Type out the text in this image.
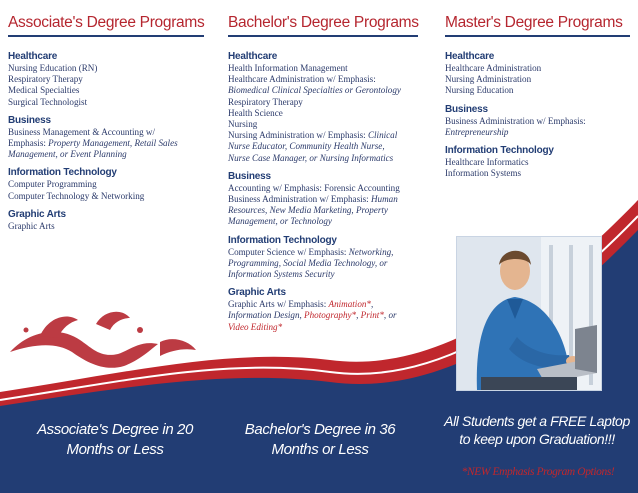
Associate's Degree Programs
Healthcare
Nursing Education (RN)
Respiratory Therapy
Medical Specialties
Surgical Technologist
Business
Business Management & Accounting w/
Emphasis: Property Management, Retail Sales
Management, or Event Planning
Information Technology
Computer Programming
Computer Technology & Networking
Graphic Arts
Graphic Arts
Bachelor's Degree Programs
Healthcare
Health Information Management
Healthcare Administration w/ Emphasis:
Biomedical Clinical Specialties or Gerontology
Respiratory Therapy
Health Science
Nursing
Nursing Administration w/ Emphasis: Clinical
Nurse Educator, Community Health Nurse,
Nurse Case Manager, or Nursing Informatics
Business
Accounting w/ Emphasis: Forensic Accounting
Business Administration w/ Emphasis: Human
Resources, New Media Marketing, Property
Management, or Technology
Information Technology
Computer Science w/ Emphasis: Networking,
Programming, Social Media Technology, or
Information Systems Security
Graphic Arts
Graphic Arts w/ Emphasis: Animation*,
Information Design, Photography*, Print*, or
Video Editing*
Master's Degree Programs
Healthcare
Healthcare Administration
Nursing Administration
Nursing Education
Business
Business Administration w/ Emphasis:
Entrepreneurship
Information Technology
Healthcare Informatics
Information Systems
Associate's Degree in 20 Months or Less
Bachelor's Degree in 36 Months or Less
All Students get a FREE Laptop to keep upon Graduation!!!
*NEW Emphasis Program Options!
